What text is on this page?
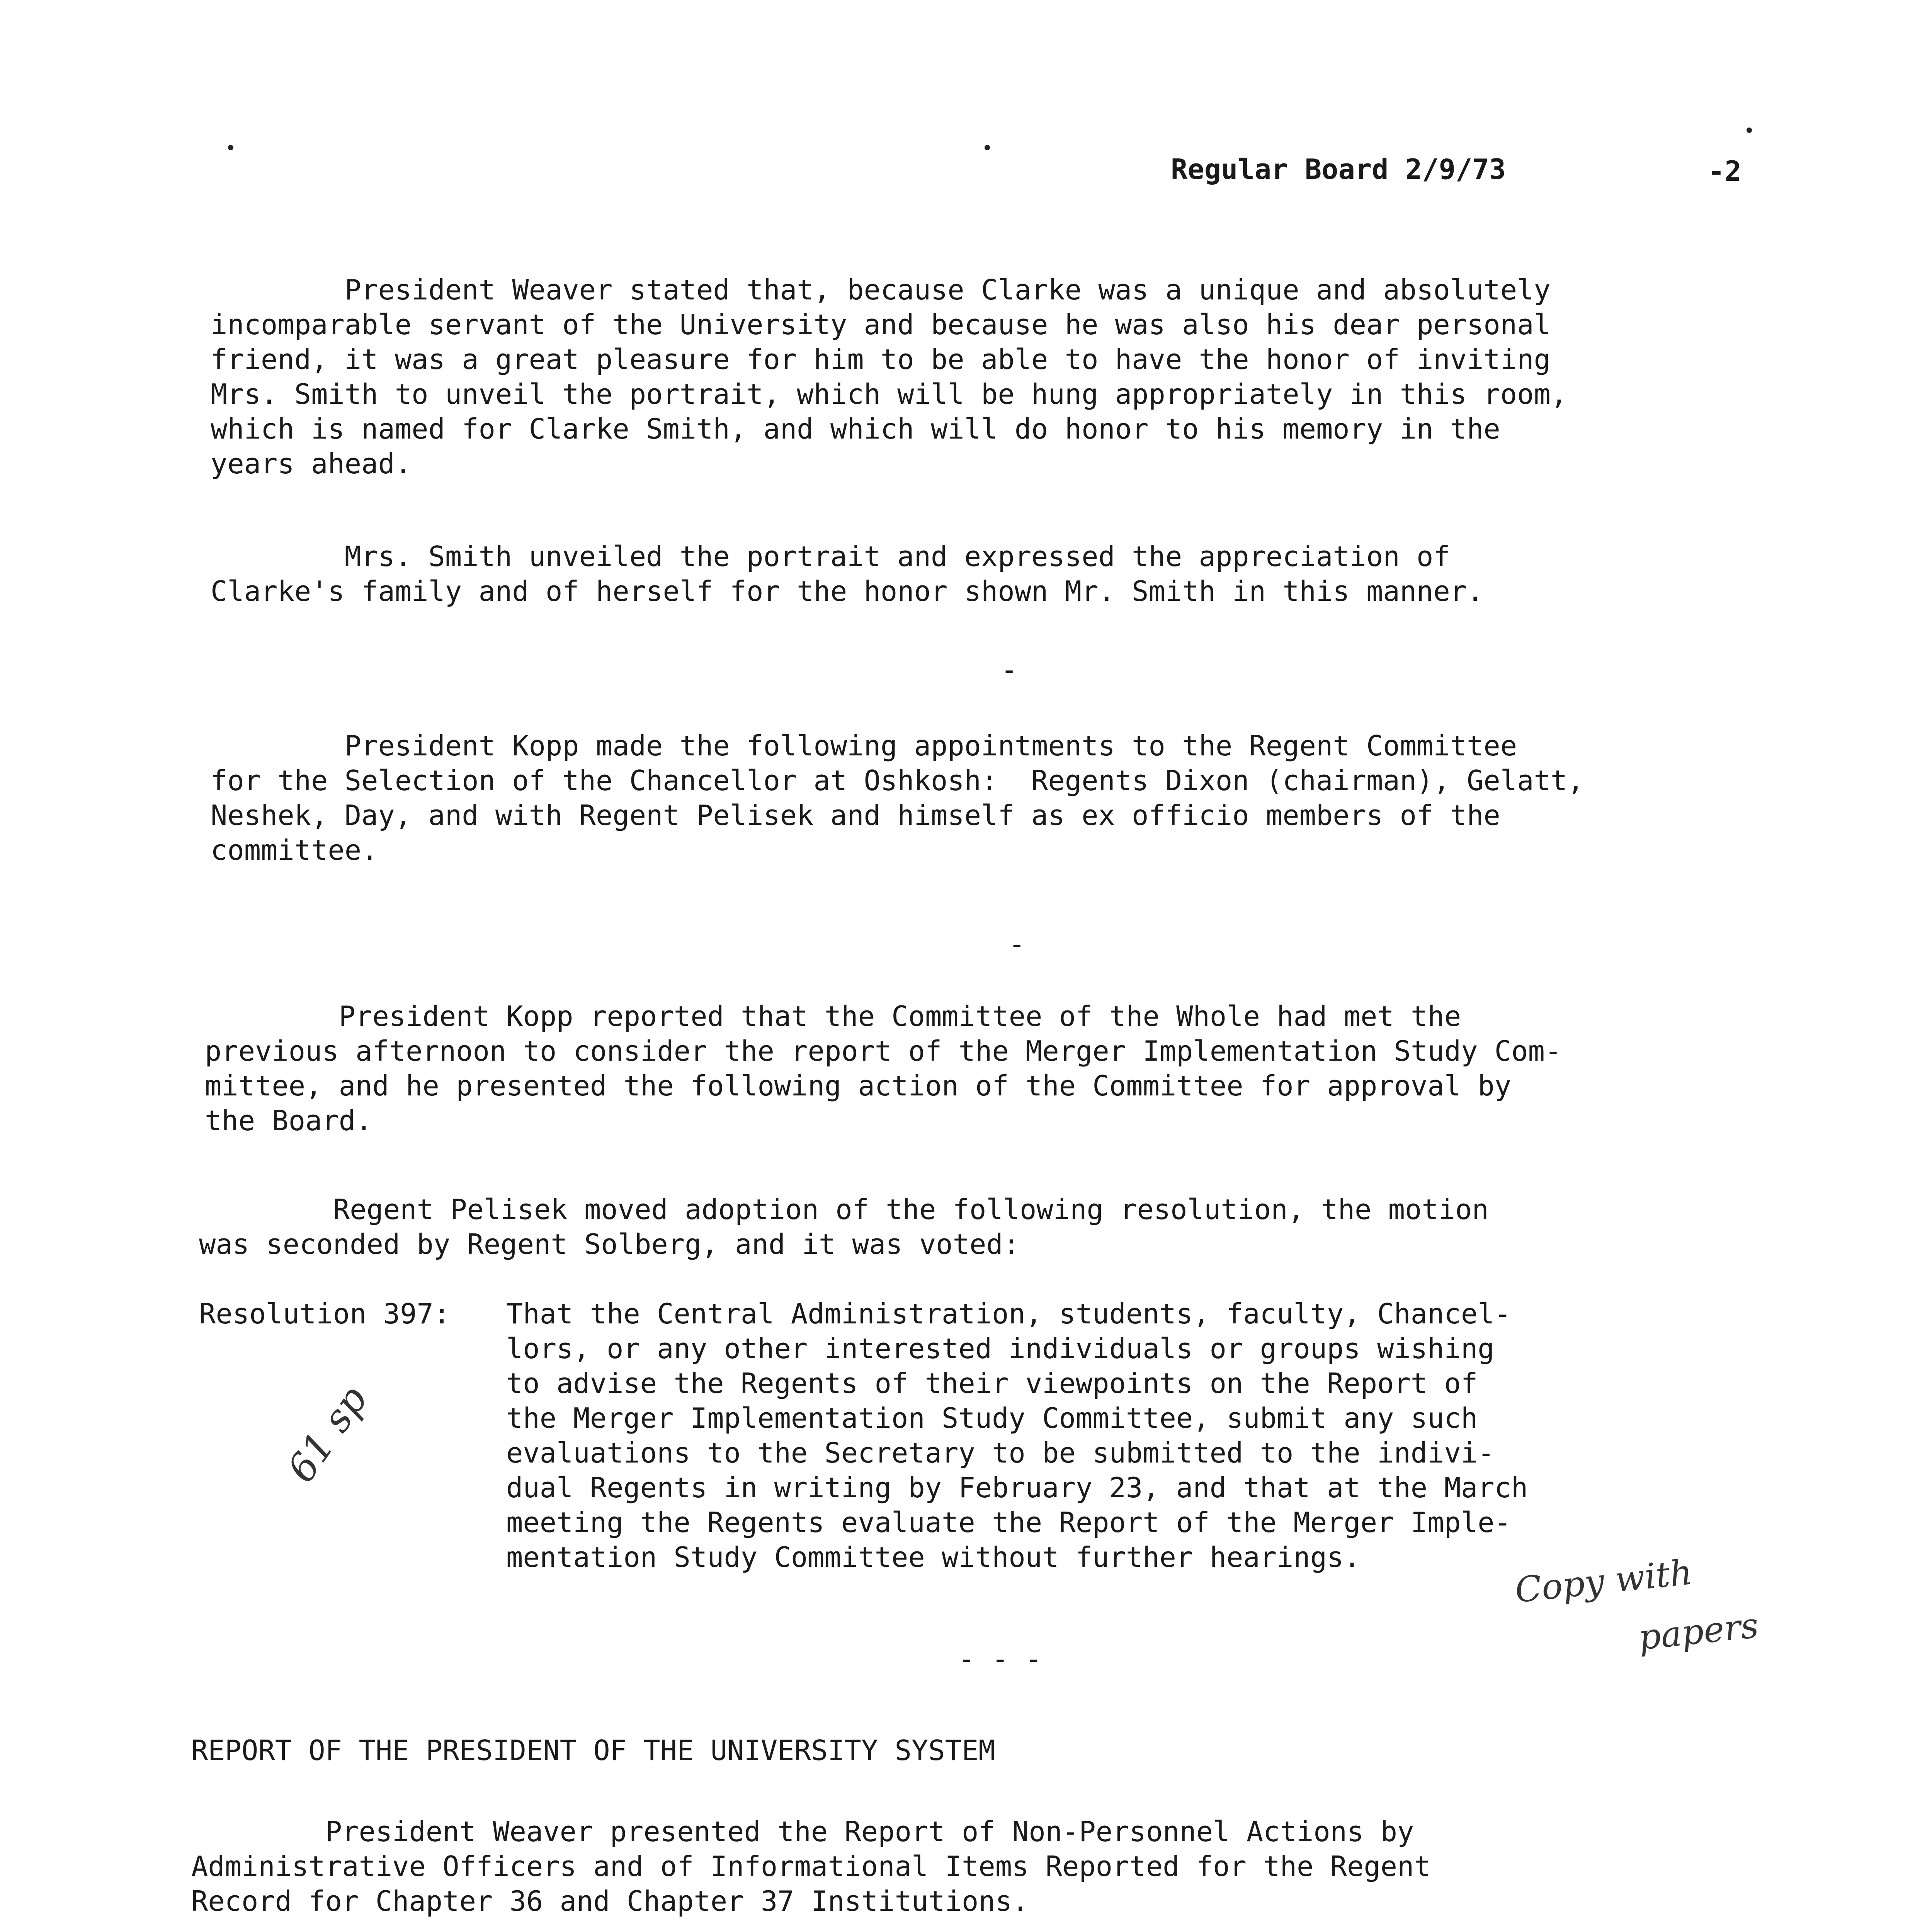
Regular Board 2/9/73	-2
President Weaver stated that, because Clarke was a unique and absolutely
incomparable servant of the University and because he was also his dear personal
friend, it was a great pleasure for him to be able to have the honor of inviting
Mrs. Smith to unveil the portrait, which will be hung appropriately in this room,
which is named for Clarke Smith, and which will do honor to his memory in the
years ahead.
Mrs. Smith unveiled the portrait and expressed the appreciation of
Clarke's family and of herself for the honor shown Mr. Smith in this manner.
-
President Kopp made the following appointments to the Regent Committee
for the Selection of the Chancellor at Oshkosh:  Regents Dixon (chairman), Gelatt,
Neshek, Day, and with Regent Pelisek and himself as ex officio members of the
committee.
-
President Kopp reported that the Committee of the Whole had met the
previous afternoon to consider the report of the Merger Implementation Study Com-
mittee, and he presented the following action of the Committee for approval by
the Board.
Regent Pelisek moved adoption of the following resolution, the motion
was seconded by Regent Solberg, and it was voted:
Resolution 397: That the Central Administration, students, faculty, Chancel-
lors, or any other interested individuals or groups wishing
to advise the Regents of their viewpoints on the Report of
the Merger Implementation Study Committee, submit any such
evaluations to the Secretary to be submitted to the indivi-
dual Regents in writing by February 23, and that at the March
meeting the Regents evaluate the Report of the Merger Imple-
mentation Study Committee without further hearings.
61 sp
Copy with
papers
- - -
REPORT OF THE PRESIDENT OF THE UNIVERSITY SYSTEM
President Weaver presented the Report of Non-Personnel Actions by
Administrative Officers and of Informational Items Reported for the Regent
Record for Chapter 36 and Chapter 37 Institutions.
